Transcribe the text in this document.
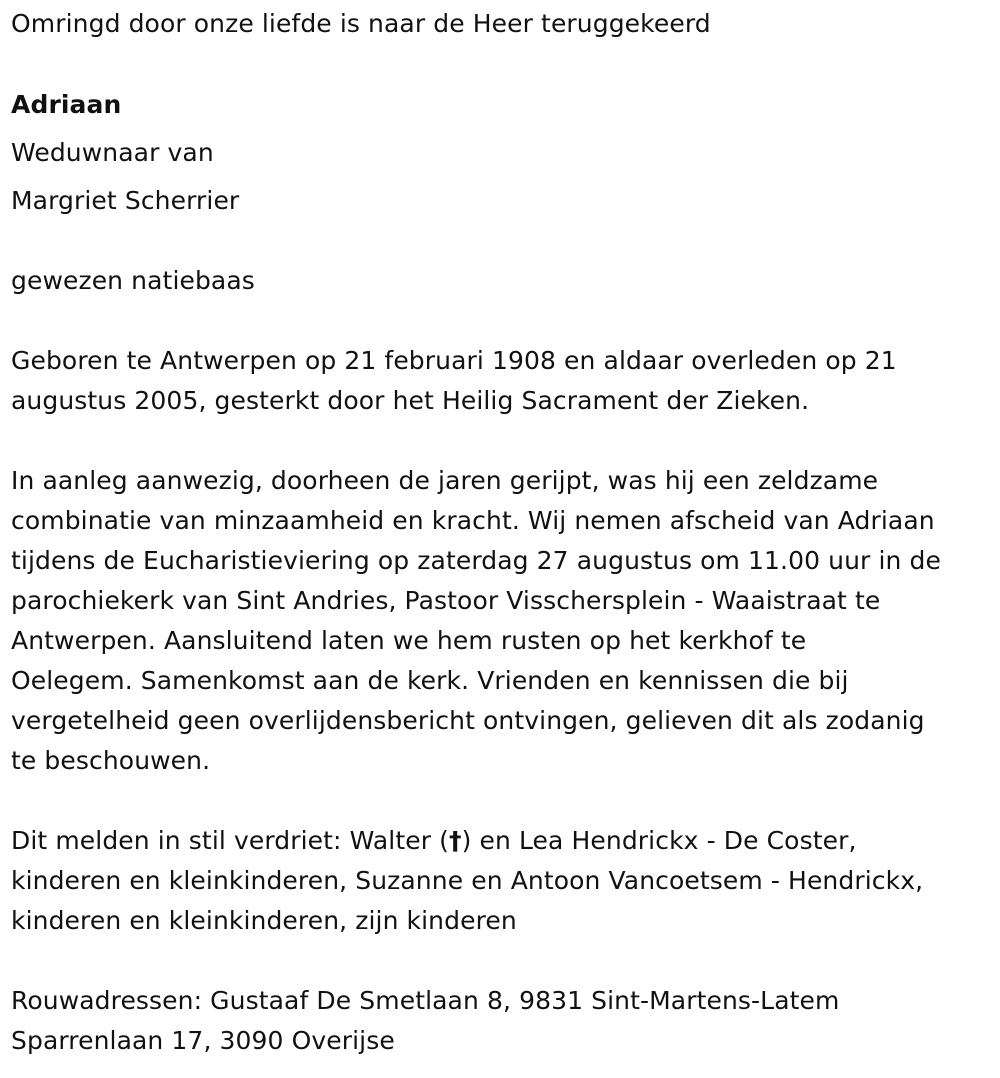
Omringd door onze liefde is naar de Heer teruggekeerd
Adriaan
Weduwnaar van
Margriet Scherrier
gewezen natiebaas
Geboren te Antwerpen op 21 februari 1908 en aldaar overleden op 21
augustus 2005, gesterkt door het Heilig Sacrament der Zieken.
In aanleg aanwezig, doorheen de jaren gerijpt, was hij een zeldzame
combinatie van minzaamheid en kracht. Wij nemen afscheid van Adriaan
tijdens de Eucharistieviering op zaterdag 27 augustus om 11.00 uur in de
parochiekerk van Sint Andries, Pastoor Visschersplein - Waaistraat te
Antwerpen. Aansluitend laten we hem rusten op het kerkhof te
Oelegem. Samenkomst aan de kerk. Vrienden en kennissen die bij
vergetelheid geen overlijdensbericht ontvingen, gelieven dit als zodanig
te beschouwen.
Dit melden in stil verdriet: Walter (†) en Lea Hendrickx - De Coster,
kinderen en kleinkinderen, Suzanne en Antoon Vancoetsem - Hendrickx,
kinderen en kleinkinderen, zijn kinderen
Rouwadressen: Gustaaf De Smetlaan 8, 9831 Sint-Martens-Latem
Sparrenlaan 17, 3090 Overijse
